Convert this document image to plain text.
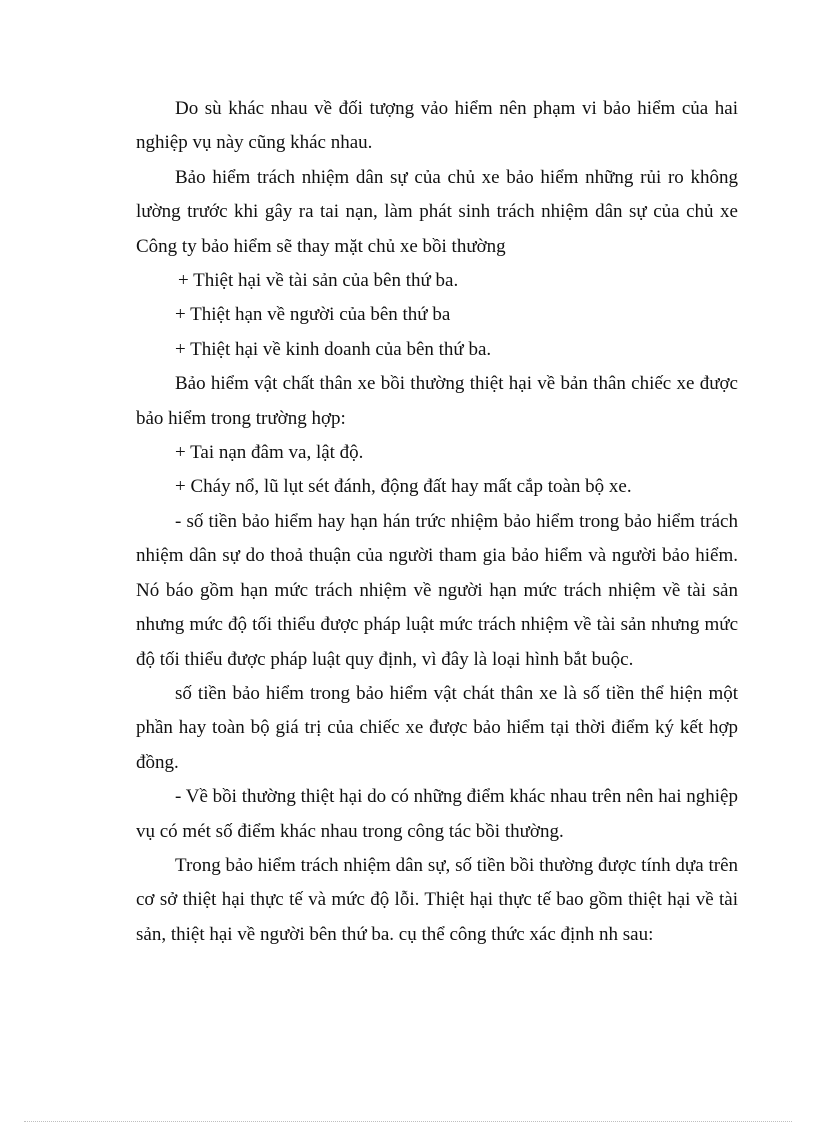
Do sù khác nhau về đối tượng vảo hiểm nên phạm vi bảo hiểm của hai nghiệp vụ này cũng khác nhau.

Bảo hiểm trách nhiệm dân sự của chủ xe bảo hiểm những rủi ro không lường trước khi gây ra tai nạn, làm phát sinh trách nhiệm dân sự của chủ xe Công ty bảo hiểm sẽ thay mặt chủ xe bồi thường

+ Thiệt hại về tài sản của bên thứ ba.

+ Thiệt hạn về người của bên thứ ba

+ Thiệt hại về kinh doanh của bên thứ ba.

Bảo hiểm vật chất thân xe bồi thường thiệt hại về bản thân chiếc xe được bảo hiểm trong trường hợp:

+ Tai nạn đâm va, lật độ.

+ Cháy nổ, lũ lụt sét đánh, động đất hay mất cắp toàn bộ xe.

- số tiền bảo hiểm hay hạn hán trức nhiệm bảo hiểm trong bảo hiểm trách nhiệm dân sự do thoả thuận của người tham gia bảo hiểm và người bảo hiểm. Nó báo gồm hạn mức trách nhiệm về người hạn mức trách nhiệm về tài sản nhưng mức độ tối thiểu được pháp luật mức trách nhiệm về tài sản nhưng mức độ tối thiểu được pháp luật quy định, vì đây là loại hình bắt buộc.

số tiền bảo hiểm trong bảo hiểm vật chát thân xe là số tiền thể hiện một phần hay toàn bộ giá trị của chiếc xe được bảo hiểm tại thời điểm ký kết hợp đồng.

- Về bồi thường thiệt hại do có những điểm khác nhau trên nên hai nghiệp vụ có mét số điểm khác nhau trong công tác bồi thường.

Trong bảo hiểm trách nhiệm dân sự, số tiền bồi thường được tính dựa trên cơ sở thiệt hại thực tế và mức độ lỗi. Thiệt hại thực tế bao gồm thiệt hại về tài sản, thiệt hại về người bên thứ ba. cụ thể công thức xác định nh sau:
